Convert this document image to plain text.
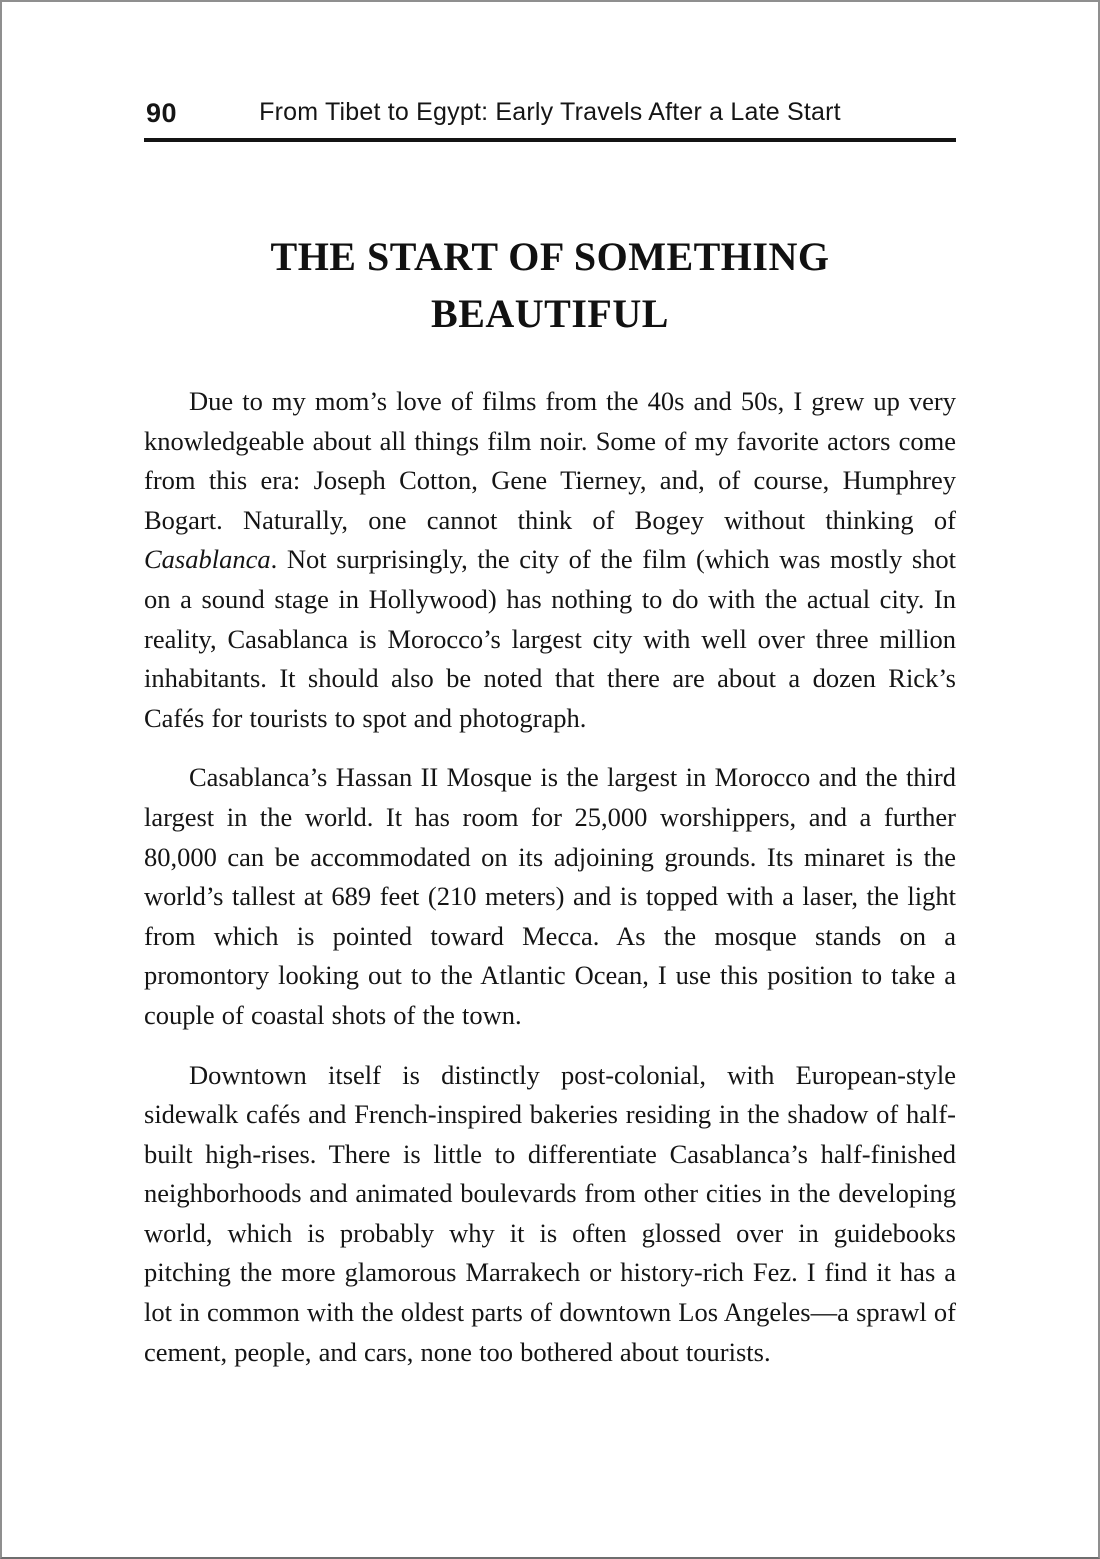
90	From Tibet to Egypt: Early Travels After a Late Start
THE START OF SOMETHING
BEAUTIFUL

Due to my mom’s love of films from the 40s and 50s, I grew up very knowledgeable about all things film noir. Some of my favorite actors come from this era: Joseph Cotton, Gene Tierney, and, of course, Humphrey Bogart. Naturally, one cannot think of Bogey without thinking of Casablanca. Not surprisingly, the city of the film (which was mostly shot on a sound stage in Hollywood) has nothing to do with the actual city. In reality, Casablanca is Morocco’s largest city with well over three million inhabitants. It should also be noted that there are about a dozen Rick’s Cafés for tourists to spot and photograph.

Casablanca’s Hassan II Mosque is the largest in Morocco and the third largest in the world. It has room for 25,000 worshippers, and a further 80,000 can be accommodated on its adjoining grounds. Its minaret is the world’s tallest at 689 feet (210 meters) and is topped with a laser, the light from which is pointed toward Mecca. As the mosque stands on a promontory looking out to the Atlantic Ocean, I use this position to take a couple of coastal shots of the town.

Downtown itself is distinctly post-colonial, with European-style sidewalk cafés and French-inspired bakeries residing in the shadow of half-built high-rises. There is little to differentiate Casablanca’s half-finished neighborhoods and animated boulevards from other cities in the developing world, which is probably why it is often glossed over in guidebooks pitching the more glamorous Marrakech or history-rich Fez. I find it has a lot in common with the oldest parts of downtown Los Angeles—a sprawl of cement, people, and cars, none too bothered about tourists.
